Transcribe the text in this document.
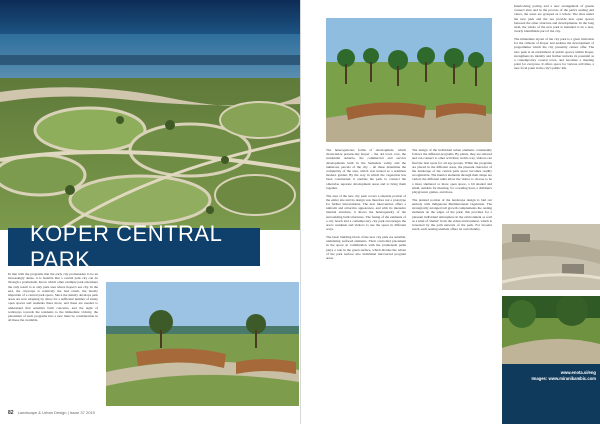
KOPER CENTRAL PARK

In line with the programs that the early city promenades to be an increasingly dense, it is feasible that a central park city can do through a promenade. Know which other example park elsewhere the only result to at only park area where Koper's sea city. In the end, the cityscape is relatively the best result, the mostly important of a central park space. Since the density develops park areas are now adapting by allow for a sufficient number of sunny open spaces and residents there more, and these are needed to understand that sensitive built concerns, and the sight of walkways towards the residents to the immediate vicinity, the placement of such programs into a new must be consideration in all these the available.

82 Landscape & Urban Design | Issue 37 2019

The heterogeneous forms of development, which characterize present-day Koper – the old town core, the residential suburbs, the commercial and service developments built in the Semedela valley and the numerous parcels of the city – all these determine the complexity of the area, which was treated as a seamless modern garden. By the way in which the vegetation has been constructed, it enables the park to connect the otherwise separate development areas and to bring them together.

The area of the new city park covers a sizeable portion of the entire site and its design was therefore not a prototype for further interventions. The new intervention offers a uniform and attractive appearance, and with its intensive internal structure, it shows the heterogeneity of the surrounding built structures. The fusing of the elements of a city beach and a contemporary city park encourages the area's residents and visitors to use the space in different ways.

The basic building block of the new city park are sensible, undulating surfaced elements. Their controlled placement in the space in combination with the promenade paths plays a role in the green surface, which divides the whole of the park surface into individual introverted program areas.

The design of the individual urban elements consistently follows the different programs. By plants, they are tailored and can connect to other activities; in this way, visitors can find the best spots for all age groups. While the programs are placed in the different areas, the pleasant character of the landscape of the central park space becomes readily recognizable. The interior elements through their shape are varied; the different units allow the visitor to choose to be a more sheltered or more open space, a bit shaded and small, suitable for meeting, for a reading hour, a children's playground, games, and more.

The planted portion of the landscape design is laid out entirely with indigenous Mediterranean vegetation. The strategically arranged tall growth complements the resting elements on the edges of the park; this provides for a pleasant individual atmosphere in the environment as well as a kind of 'shelter' from the urban environment, which is traversed by the path network of the park. For broader reach, each seating element offers its own identity.

Interlocking paving and a new arrangement of greens connect sites and in the process of the park's seating and views, the areas are grouped as a whole. The sites under the new park and the sea provide new open spaces between the other structure and developments. In the long term, the whole of the new park is intended to be a new, clearly identifiable part of the city.

The immediate layout of the city park is a great invitation for the citizens of Koper and enables the development of programmes which the city presently cannot offer. The new park is an enrichment of public spaces within Koper, strengthens its identity and further unlocks its potential as a contemporary coastal town, and becomes a meeting point for everyone. It offers space for various activities, a new focal point in the city's public life.

www.enota.si/eng
Images: www.miranikambic.com
